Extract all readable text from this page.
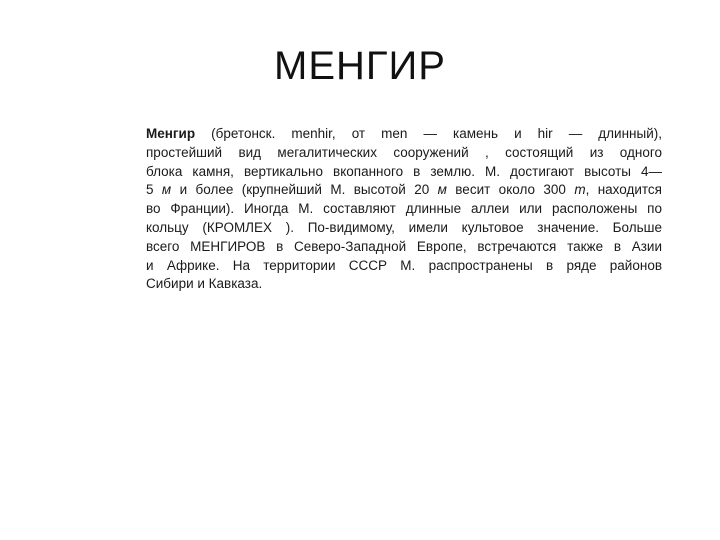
МЕНГИР
Менгир (бретонск. menhir, от men — камень и hir — длинный),
простейший вид мегалитических сооружений , состоящий из одного
блока камня, вертикально вкопанного в землю. М. достигают высоты 4—
5 м и более (крупнейший М. высотой 20 м весит около 300 т, находится
во Франции). Иногда М. составляют длинные аллеи или расположены по
кольцу (КРОМЛЕХ ). По-видимому, имели культовое значение. Больше
всего МЕНГИРОВ в Северо-Западной Европе, встречаются также в Азии
и Африке. На территории СССР М. распространены в ряде районов
Сибири и Кавказа.
